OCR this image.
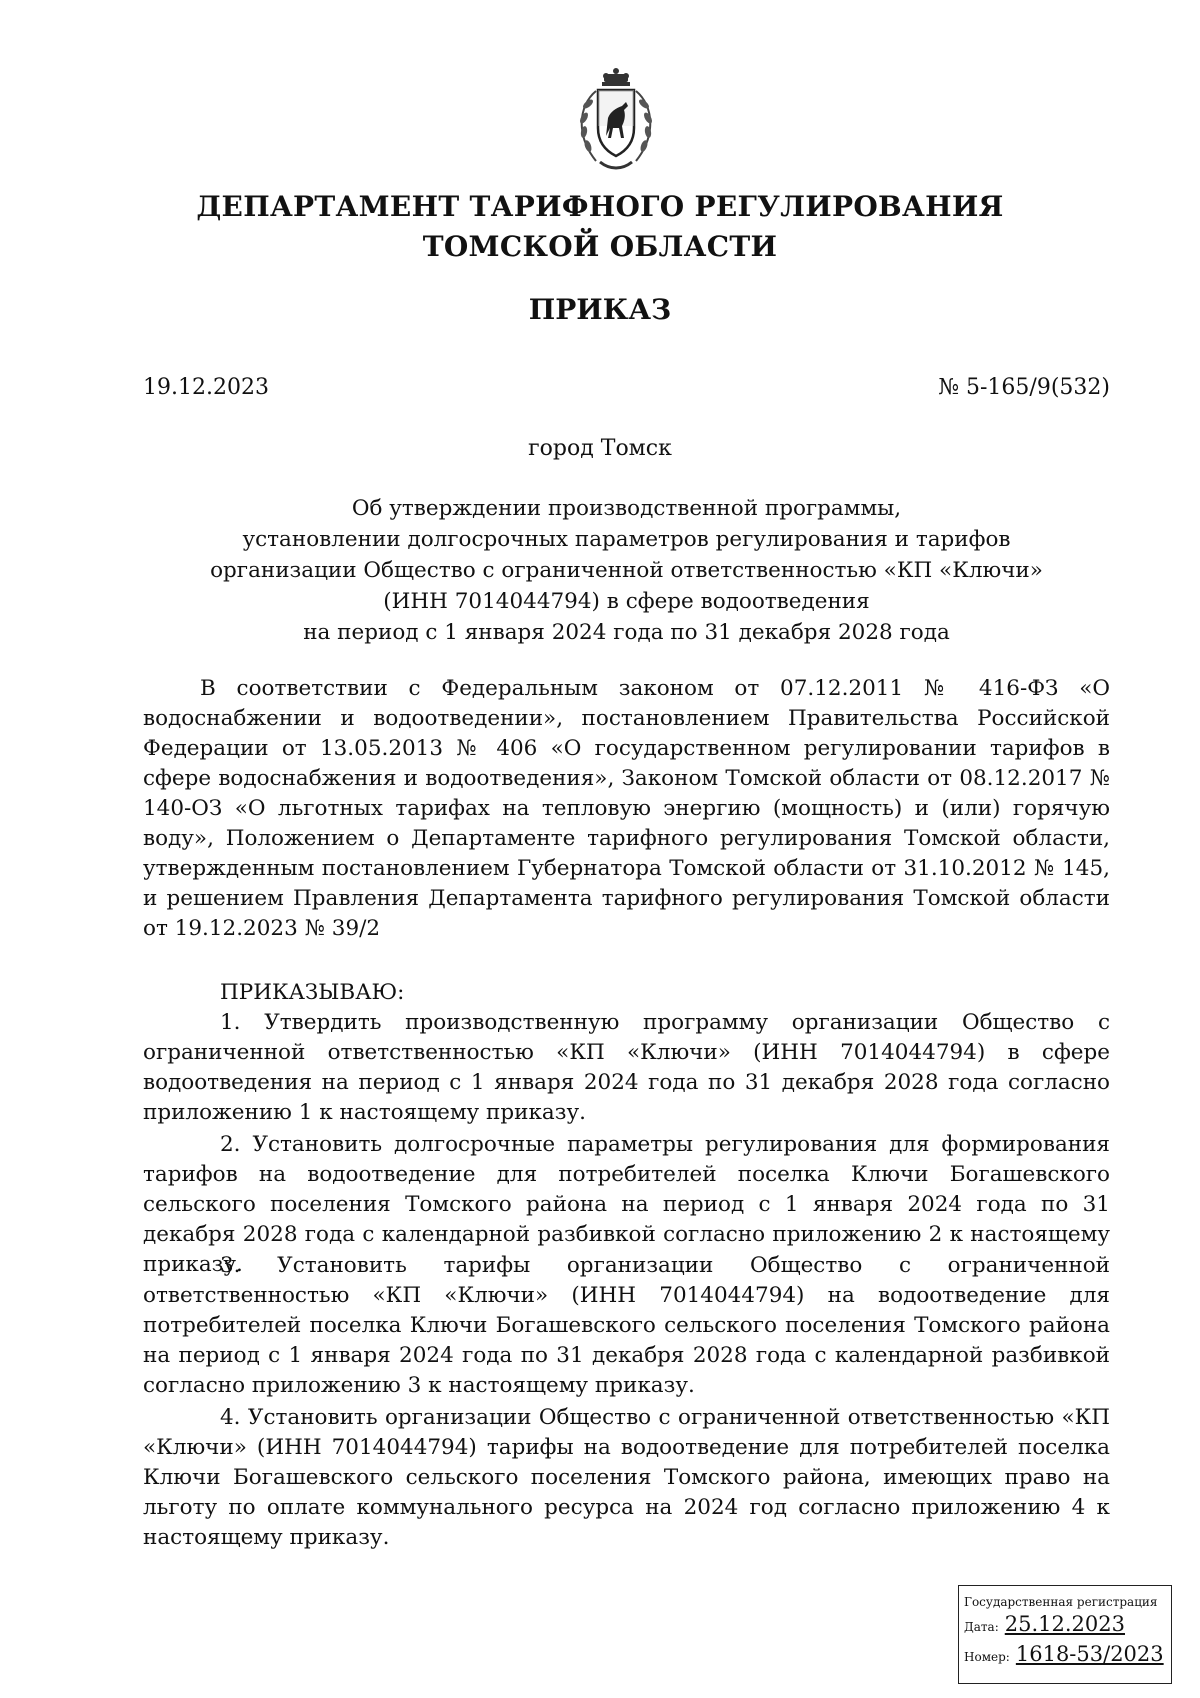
ДЕПАРТАМЕНТ ТАРИФНОГО РЕГУЛИРОВАНИЯ
ТОМСКОЙ ОБЛАСТИ
ПРИКАЗ
19.12.2023	№ 5-165/9(532)
город Томск
Об утверждении производственной программы,
установлении долгосрочных параметров регулирования и тарифов
организации Общество с ограниченной ответственностью «КП «Ключи»
(ИНН 7014044794) в сфере водоотведения
на период с 1 января 2024 года по 31 декабря 2028 года

В соответствии с Федеральным законом от 07.12.2011 № 416-ФЗ «О водоснабжении и водоотведении», постановлением Правительства Российской Федерации от 13.05.2013 № 406 «О государственном регулировании тарифов в сфере водоснабжения и водоотведения», Законом Томской области от 08.12.2017 № 140-ОЗ «О льготных тарифах на тепловую энергию (мощность) и (или) горячую воду», Положением о Департаменте тарифного регулирования Томской области, утвержденным постановлением Губернатора Томской области от 31.10.2012 № 145, и решением Правления Департамента тарифного регулирования Томской области от 19.12.2023 № 39/2

ПРИКАЗЫВАЮ:

1. Утвердить производственную программу организации Общество с ограниченной ответственностью «КП «Ключи» (ИНН 7014044794) в сфере водоотведения на период с 1 января 2024 года по 31 декабря 2028 года согласно приложению 1 к настоящему приказу.

2. Установить долгосрочные параметры регулирования для формирования тарифов на водоотведение для потребителей поселка Ключи Богашевского сельского поселения Томского района на период с 1 января 2024 года по 31 декабря 2028 года с календарной разбивкой согласно приложению 2 к настоящему приказу.

3. Установить тарифы организации Общество с ограниченной ответственностью «КП «Ключи» (ИНН 7014044794) на водоотведение для потребителей поселка Ключи Богашевского сельского поселения Томского района на период с 1 января 2024 года по 31 декабря 2028 года с календарной разбивкой согласно приложению 3 к настоящему приказу.

4. Установить организации Общество с ограниченной ответственностью «КП «Ключи» (ИНН 7014044794) тарифы на водоотведение для потребителей поселка Ключи Богашевского сельского поселения Томского района, имеющих право на льготу по оплате коммунального ресурса на 2024 год согласно приложению 4 к настоящему приказу.

Государственная регистрация
Дата: 25.12.2023
Номер: 1618-53/2023
